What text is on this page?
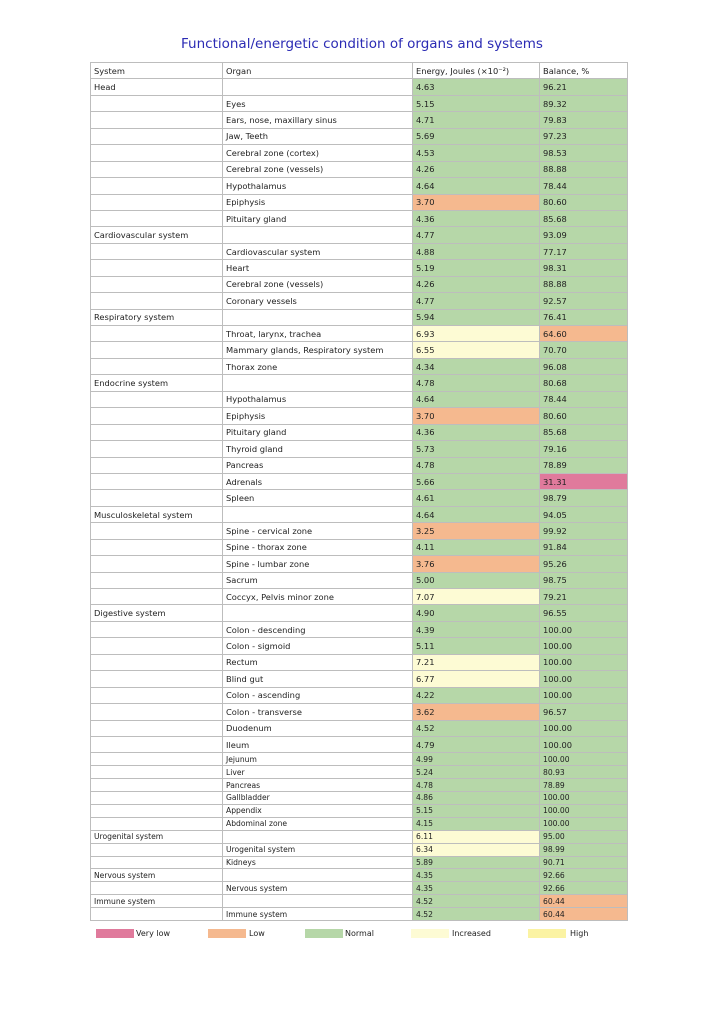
Functional/energetic condition of organs and systems
System	Organ	Energy, Joules (×10⁻²)	Balance, %
Head		4.63	96.21
	Eyes	5.15	89.32
	Ears, nose, maxillary sinus	4.71	79.83
	Jaw, Teeth	5.69	97.23
	Cerebral zone (cortex)	4.53	98.53
	Cerebral zone (vessels)	4.26	88.88
	Hypothalamus	4.64	78.44
	Epiphysis	3.70	80.60
	Pituitary gland	4.36	85.68
Cardiovascular system		4.77	93.09
	Cardiovascular system	4.88	77.17
	Heart	5.19	98.31
	Cerebral zone (vessels)	4.26	88.88
	Coronary vessels	4.77	92.57
Respiratory system		5.94	76.41
	Throat, larynx, trachea	6.93	64.60
	Mammary glands, Respiratory system	6.55	70.70
	Thorax zone	4.34	96.08
Endocrine system		4.78	80.68
	Hypothalamus	4.64	78.44
	Epiphysis	3.70	80.60
	Pituitary gland	4.36	85.68
	Thyroid gland	5.73	79.16
	Pancreas	4.78	78.89
	Adrenals	5.66	31.31
	Spleen	4.61	98.79
Musculoskeletal system		4.64	94.05
	Spine - cervical zone	3.25	99.92
	Spine - thorax zone	4.11	91.84
	Spine - lumbar zone	3.76	95.26
	Sacrum	5.00	98.75
	Coccyx, Pelvis minor zone	7.07	79.21
Digestive system		4.90	96.55
	Colon - descending	4.39	100.00
	Colon - sigmoid	5.11	100.00
	Rectum	7.21	100.00
	Blind gut	6.77	100.00
	Colon - ascending	4.22	100.00
	Colon - transverse	3.62	96.57
	Duodenum	4.52	100.00
	Ileum	4.79	100.00
	Jejunum	4.99	100.00
	Liver	5.24	80.93
	Pancreas	4.78	78.89
	Gallbladder	4.86	100.00
	Appendix	5.15	100.00
	Abdominal zone	4.15	100.00
Urogenital system		6.11	95.00
	Urogenital system	6.34	98.99
	Kidneys	5.89	90.71
Nervous system		4.35	92.66
	Nervous system	4.35	92.66
Immune system		4.52	60.44
	Immune system	4.52	60.44
Very low	Low	Normal	Increased	High
